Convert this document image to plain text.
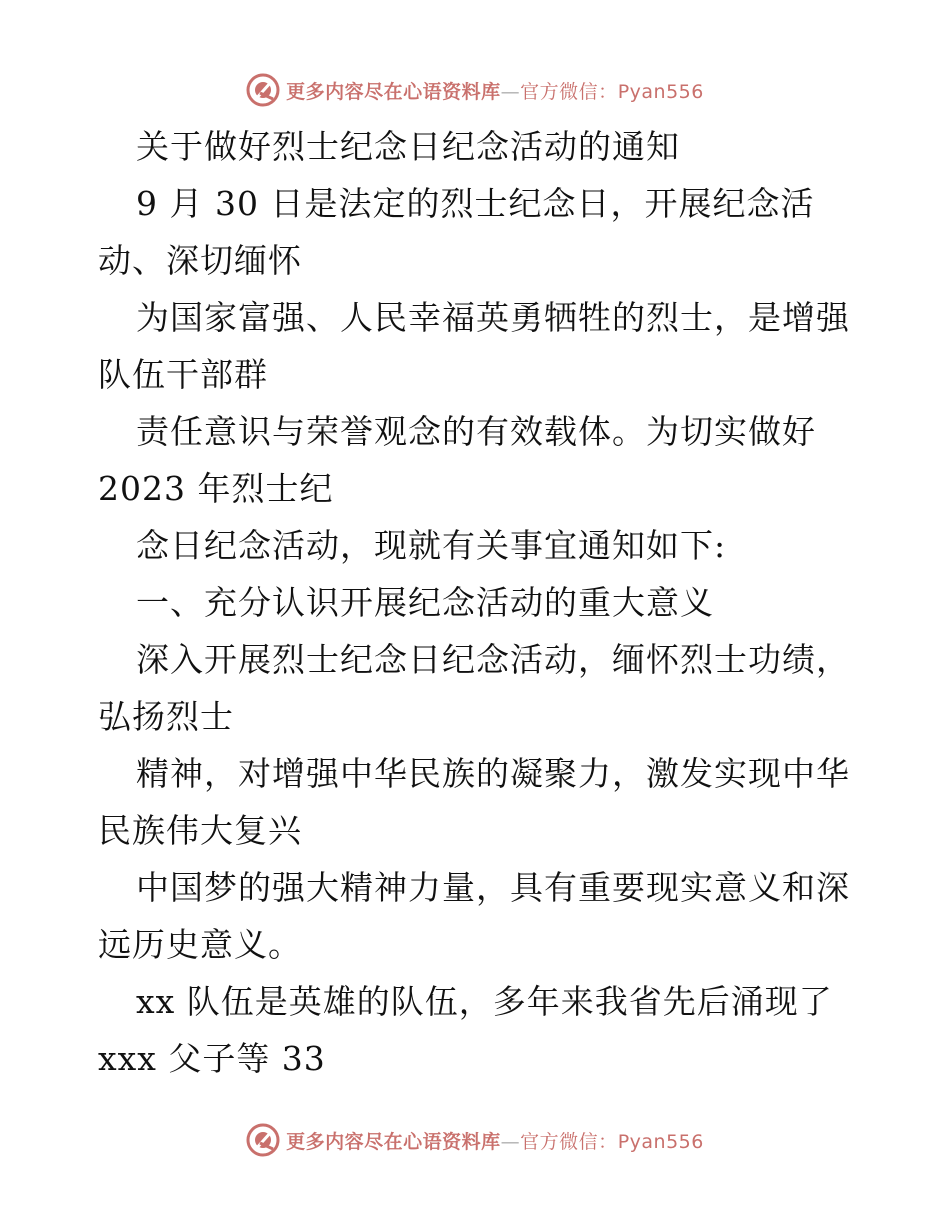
更多内容尽在心语资料库—官方微信：Pyan556
关于做好烈士纪念日纪念活动的通知
9 月 30 日是法定的烈士纪念日，开展纪念活
动、深切缅怀
为国家富强、人民幸福英勇牺牲的烈士，是增强
队伍干部群
责任意识与荣誉观念的有效载体。为切实做好
2023 年烈士纪
念日纪念活动，现就有关事宜通知如下:
一、充分认识开展纪念活动的重大意义
深入开展烈士纪念日纪念活动，缅怀烈士功绩，
弘扬烈士
精神，对增强中华民族的凝聚力，激发实现中华
民族伟大复兴
中国梦的强大精神力量，具有重要现实意义和深
远历史意义。
xx 队伍是英雄的队伍，多年来我省先后涌现了
xxx 父子等 33
更多内容尽在心语资料库—官方微信：Pyan556
